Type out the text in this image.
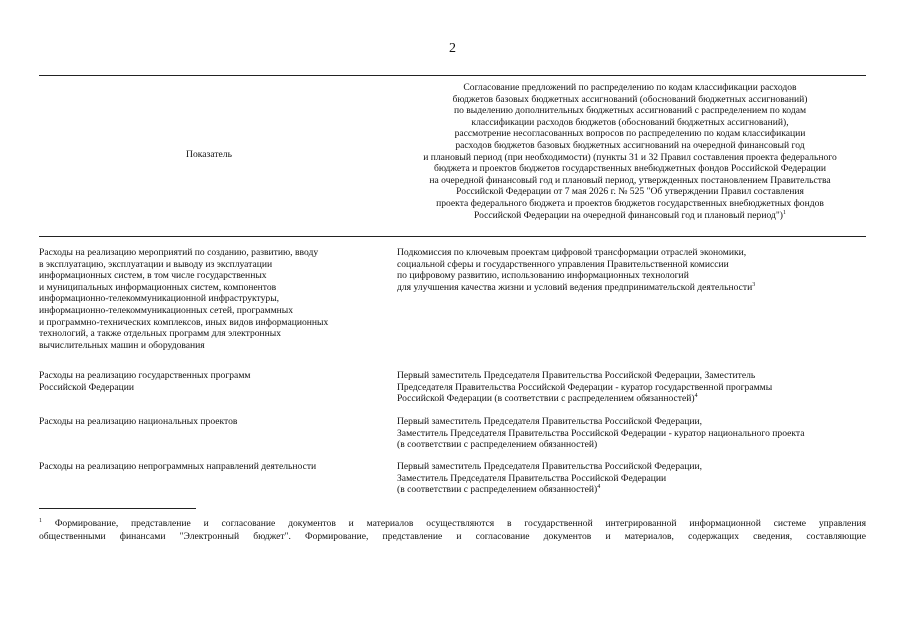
2
Показатель
Согласование предложений по распределению по кодам классификации расходов
бюджетов базовых бюджетных ассигнований (обоснований бюджетных ассигнований)
по выделению дополнительных бюджетных ассигнований с распределением по кодам
классификации расходов бюджетов (обоснований бюджетных ассигнований),
рассмотрение несогласованных вопросов по распределению по кодам классификации
расходов бюджетов базовых бюджетных ассигнований на очередной финансовый год
и плановый период (при необходимости) (пункты 31 и 32 Правил составления проекта федерального
бюджета и проектов бюджетов государственных внебюджетных фондов Российской Федерации
на очередной финансовый год и плановый период, утвержденных постановлением Правительства
Российской Федерации от 7 мая 2026 г. № 525 "Об утверждении Правил составления
проекта федерального бюджета и проектов бюджетов государственных внебюджетных фондов
Российской Федерации на очередной финансовый год и плановый период")$^1$
Расходы на реализацию мероприятий по созданию, развитию, вводу
в эксплуатацию, эксплуатации и выводу из эксплуатации
информационных систем, в том числе государственных
и муниципальных информационных систем, компонентов
информационно-телекоммуникационной инфраструктуры,
информационно-телекоммуникационных сетей, программных
и программно-технических комплексов, иных видов информационных
технологий, а также отдельных программ для электронных
вычислительных машин и оборудования
Подкомиссия по ключевым проектам цифровой трансформации отраслей экономики,
социальной сферы и государственного управления Правительственной комиссии
по цифровому развитию, использованию информационных технологий
для улучшения качества жизни и условий ведения предпринимательской деятельности$^3$
Расходы на реализацию государственных программ
Российской Федерации
Первый заместитель Председателя Правительства Российской Федерации, Заместитель
Председателя Правительства Российской Федерации - куратор государственной программы
Российской Федерации (в соответствии с распределением обязанностей)$^4$
Расходы на реализацию национальных проектов	Первый заместитель Председателя Правительства Российской Федерации,
Заместитель Председателя Правительства Российской Федерации - куратор национального проекта
(в соответствии с распределением обязанностей)
Расходы на реализацию непрограммных направлений деятельности	Первый заместитель Председателя Правительства Российской Федерации,
Заместитель Председателя Правительства Российской Федерации
(в соответствии с распределением обязанностей)$^4$
$^1$ Формирование, представление и согласование документов и материалов осуществляются в государственной интегрированной информационной системе управления
общественными финансами "Электронный бюджет". Формирование, представление и согласование документов и материалов, содержащих сведения, составляющие
